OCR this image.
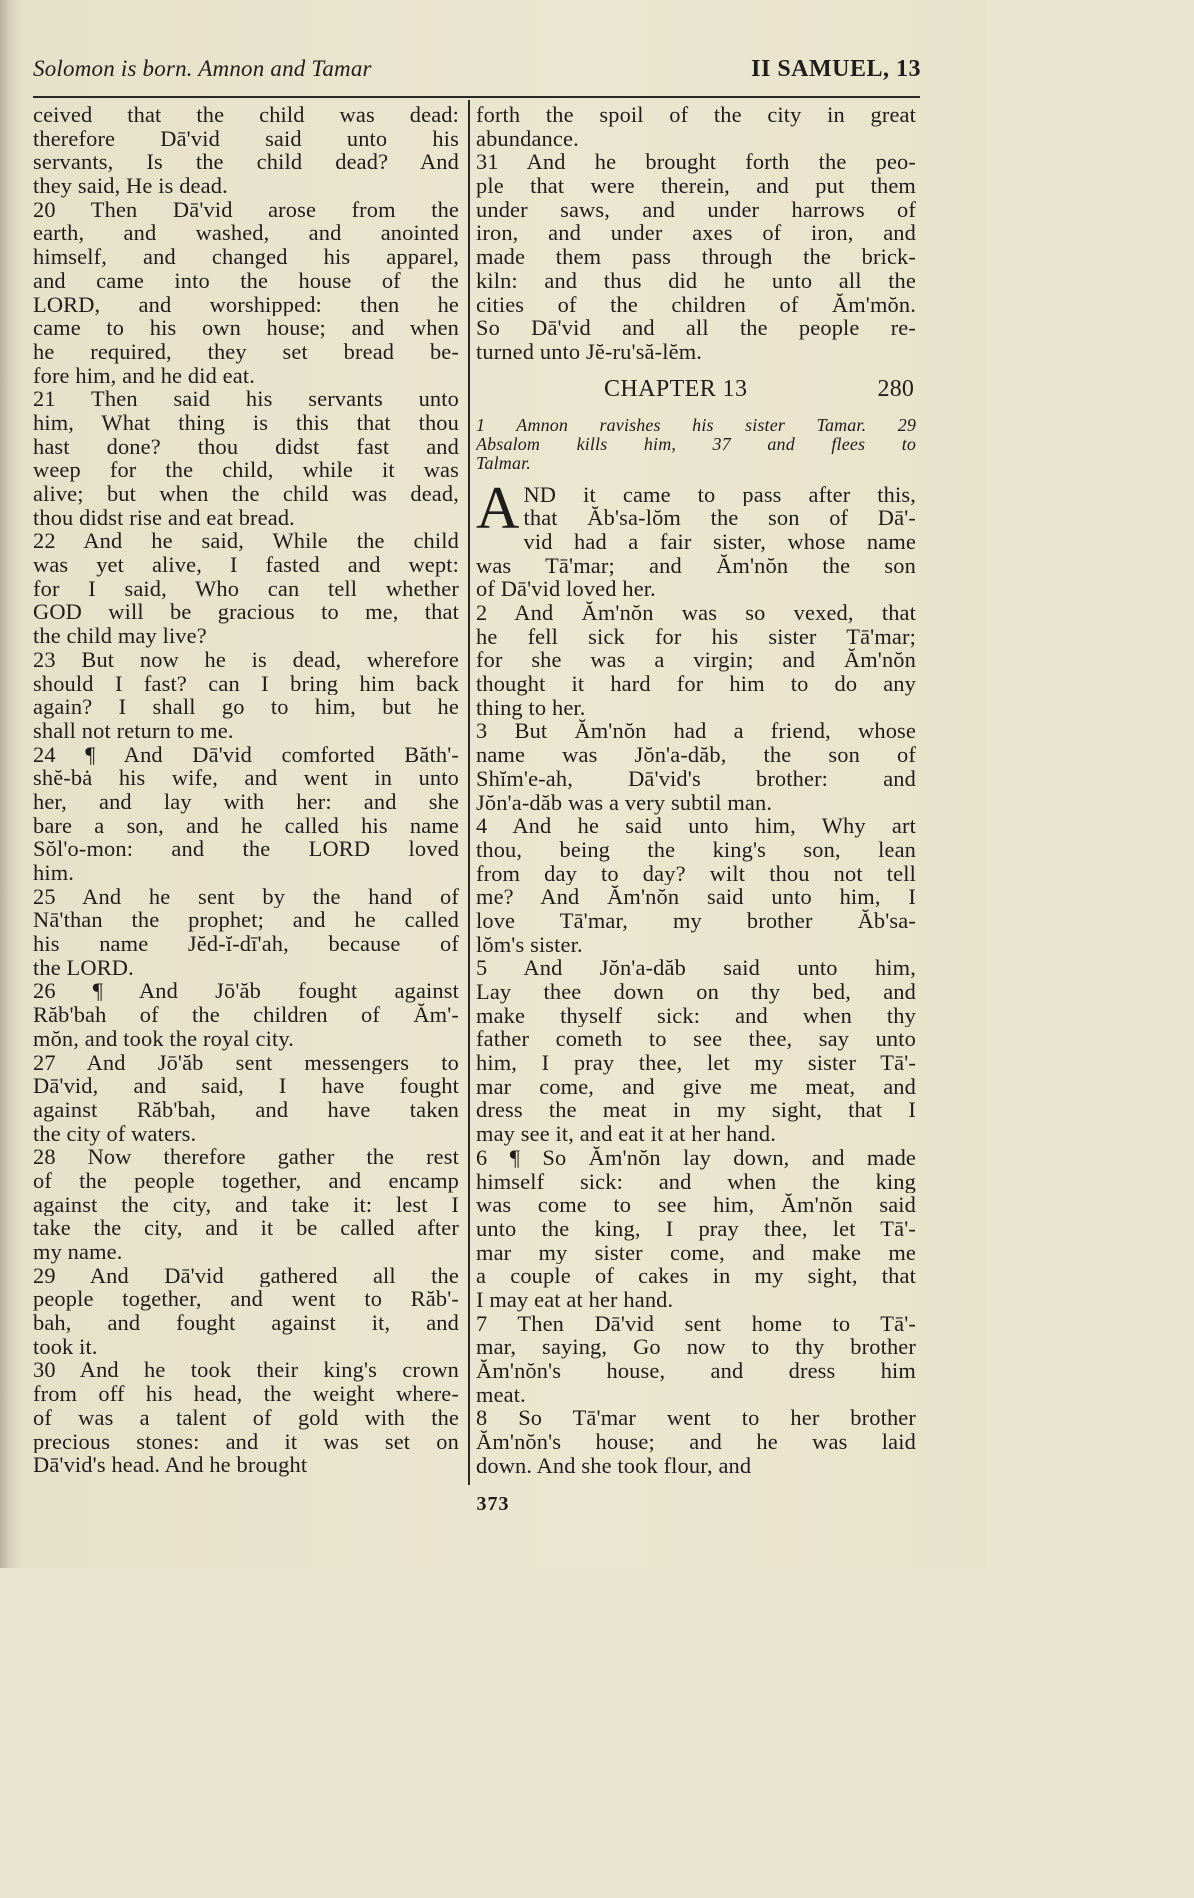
Solomon is born. Amnon and Tamar	II SAMUEL, 13
ceived that the child was dead:
therefore Dā'vid said unto his
servants, Is the child dead? And
they said, He is dead.
20 Then Dā'vid arose from the
earth, and washed, and anointed
himself, and changed his apparel,
and came into the house of the
LORD, and worshipped: then he
came to his own house; and when
he required, they set bread be-
fore him, and he did eat.
21 Then said his servants unto
him, What thing is this that thou
hast done? thou didst fast and
weep for the child, while it was
alive; but when the child was dead,
thou didst rise and eat bread.
22 And he said, While the child
was yet alive, I fasted and wept:
for I said, Who can tell whether
GOD will be gracious to me, that
the child may live?
23 But now he is dead, wherefore
should I fast? can I bring him back
again? I shall go to him, but he
shall not return to me.
24 ¶ And Dā'vid comforted Băth'-
shĕ-bȧ his wife, and went in unto
her, and lay with her: and she
bare a son, and he called his name
Sŏl'o-mon: and the LORD loved
him.
25 And he sent by the hand of
Nā'than the prophet; and he called
his name Jĕd-ĭ-dī'ah, because of
the LORD.
26 ¶ And Jō'ăb fought against
Răb'bah of the children of Ăm'-
mŏn, and took the royal city.
27 And Jō'ăb sent messengers to
Dā'vid, and said, I have fought
against Răb'bah, and have taken
the city of waters.
28 Now therefore gather the rest
of the people together, and encamp
against the city, and take it: lest I
take the city, and it be called after
my name.
29 And Dā'vid gathered all the
people together, and went to Răb'-
bah, and fought against it, and
took it.
30 And he took their king's crown
from off his head, the weight where-
of was a talent of gold with the
precious stones: and it was set on
Dā'vid's head. And he brought
forth the spoil of the city in great
abundance.
31 And he brought forth the peo-
ple that were therein, and put them
under saws, and under harrows of
iron, and under axes of iron, and
made them pass through the brick-
kiln: and thus did he unto all the
cities of the children of Ăm'mŏn.
So Dā'vid and all the people re-
turned unto Jĕ-ru'să-lĕm.
CHAPTER 13	280
1 Amnon ravishes his sister Tamar. 29
Absalom kills him, 37 and flees to
Talmar.
A ND it came to pass after this,
that Ăb'sa-lŏm the son of Dā'-
vid had a fair sister, whose name
was Tā'mar; and Ăm'nŏn the son
of Dā'vid loved her.
2 And Ăm'nŏn was so vexed, that
he fell sick for his sister Tā'mar;
for she was a virgin; and Ăm'nŏn
thought it hard for him to do any
thing to her.
3 But Ăm'nŏn had a friend, whose
name was Jŏn'a-dăb, the son of
Shĭm'e-ah, Dā'vid's brother: and
Jŏn'a-dăb was a very subtil man.
4 And he said unto him, Why art
thou, being the king's son, lean
from day to day? wilt thou not tell
me? And Ăm'nŏn said unto him, I
love Tā'mar, my brother Ăb'sa-
lŏm's sister.
5 And Jŏn'a-dăb said unto him,
Lay thee down on thy bed, and
make thyself sick: and when thy
father cometh to see thee, say unto
him, I pray thee, let my sister Tā'-
mar come, and give me meat, and
dress the meat in my sight, that I
may see it, and eat it at her hand.
6 ¶ So Ăm'nŏn lay down, and made
himself sick: and when the king
was come to see him, Ăm'nŏn said
unto the king, I pray thee, let Tā'-
mar my sister come, and make me
a couple of cakes in my sight, that
I may eat at her hand.
7 Then Dā'vid sent home to Tā'-
mar, saying, Go now to thy brother
Ăm'nŏn's house, and dress him
meat.
8 So Tā'mar went to her brother
Ăm'nŏn's house; and he was laid
down. And she took flour, and
373
